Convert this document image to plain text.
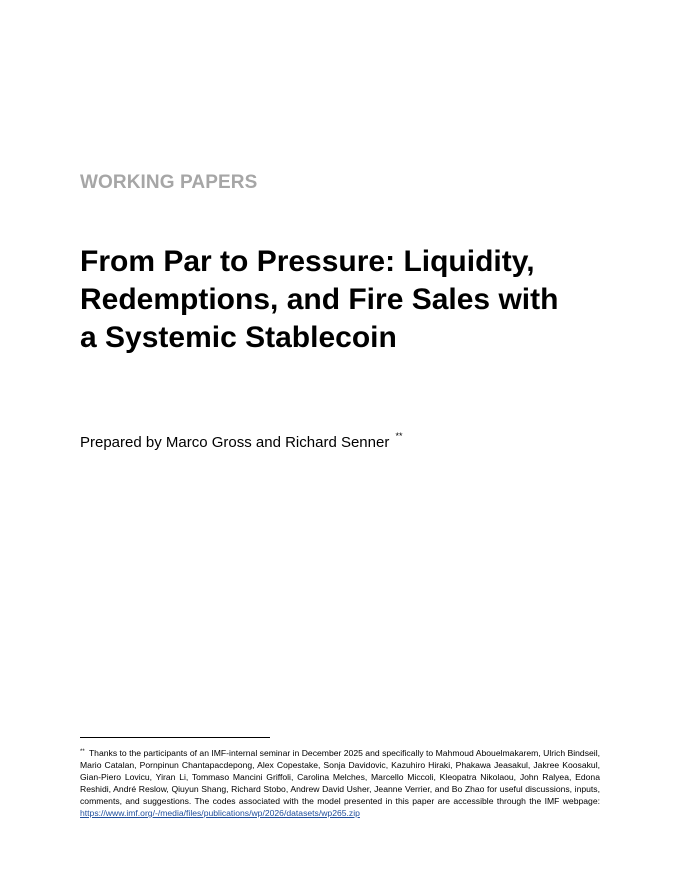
WORKING PAPERS
From Par to Pressure: Liquidity,
Redemptions, and Fire Sales with
a Systemic Stablecoin
Prepared by Marco Gross and Richard Senner **
** Thanks to the participants of an IMF-internal seminar in December 2025 and specifically to Mahmoud Abouelmakarem, Ulrich Bindseil, Mario Catalan, Pornpinun Chantapacdepong, Alex Copestake, Sonja Davidovic, Kazuhiro Hiraki, Phakawa Jeasakul, Jakree Koosakul, Gian-Piero Lovicu, Yiran Li, Tommaso Mancini Griffoli, Carolina Melches, Marcello Miccoli, Kleopatra Nikolaou, John Ralyea, Edona Reshidi, André Reslow, Qiuyun Shang, Richard Stobo, Andrew David Usher, Jeanne Verrier, and Bo Zhao for useful discussions, inputs, comments, and suggestions. The codes associated with the model presented in this paper are accessible through the IMF webpage: https://www.imf.org/-/media/files/publications/wp/2026/datasets/wp265.zip
